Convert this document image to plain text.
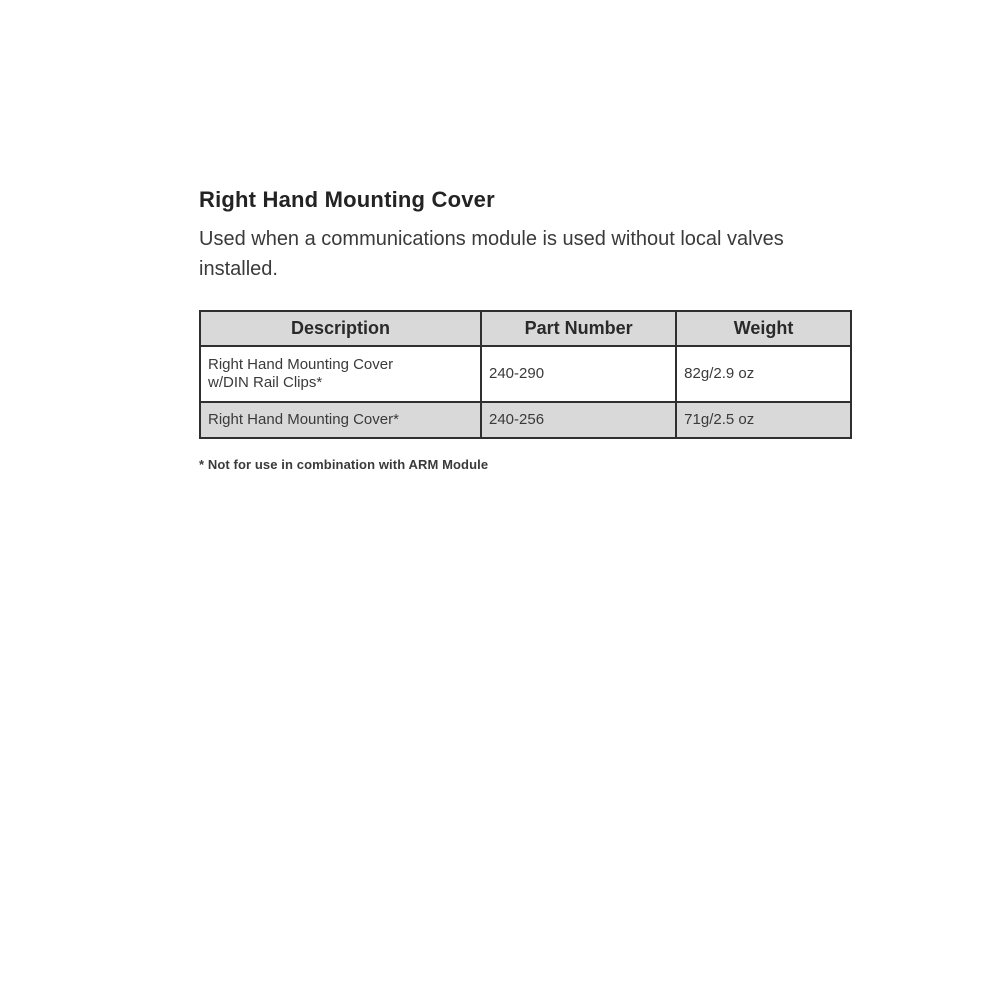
Right Hand Mounting Cover

Used when a communications module is used without local valves installed.

Description	Part Number	Weight
Right Hand Mounting Cover
w/DIN Rail Clips*	240-290	82g/2.9 oz
Right Hand Mounting Cover*	240-256	71g/2.5 oz
* Not for use in combination with ARM Module
